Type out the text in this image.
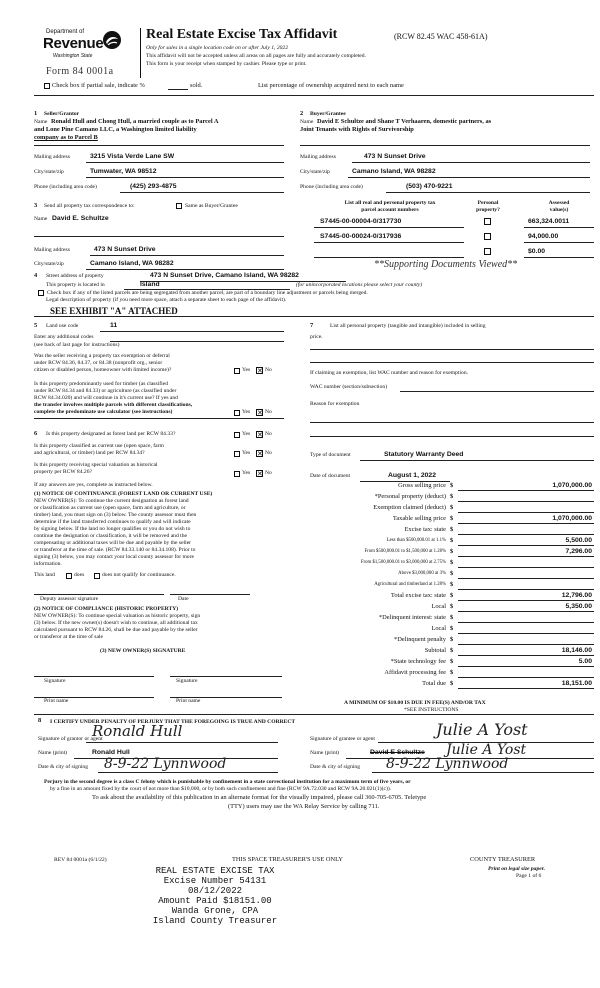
Department of
Revenue
Washington State
Form 84 0001a
Real Estate Excise Tax Affidavit	(RCW 82.45 WAC 458-61A)
Only for sales in a single location code on or after July 1, 2022
This affidavit will not be accepted unless all areas on all pages are fully and accurately completed.
This form is your receipt when stamped by cashier. Please type or print.
Check box if partial sale, indicate %	sold.	List percentage of ownership acquired next to each name
1 Seller/Grantor
Name Ronald Hull and Chong Hull, a married couple as to Parcel A
and Lone Pine Camano LLC, a Washington limited liability
company as to Parcel B
Mailing address	3215 Vista Verde Lane SW
City/state/zip	Tumwater, WA 98512
Phone (including area code)	(425) 293-4875
2 Buyer/Grantee
Name David E Schultze and Shane T Verhaaren, domestic partners, as
Joint Tenants with Rights of Survivorship
Mailing address	473 N Sunset Drive
City/state/zip	Camano Island, WA 98282
Phone (including area code)	(503) 470-9221
3 Send all property tax correspondence to:	Same as Buyer/Grantee
Name David E. Schultze
Mailing address	473 N Sunset Drive
City/state/zip	Camano Island, WA 98282
List all real and personal property tax
parcel account numbers
Personal
property?
Assessed
value(s)
S7445-00-00004-0/317730	663,324.0011
S7445-00-00024-0/317936	94,000.00
$0.00
**Supporting Documents Viewed**
4 Street address of property	473 N Sunset Drive, Camano Island, WA 98282
This property is located in	Island	(for unincorporated locations please select your county)
Check box if any of the listed parcels are being segregated from another parcel, are part of a boundary line adjustment or parcels being merged.
Legal description of property (if you need more space, attach a separate sheet to each page of the affidavit).
SEE EXHIBIT "A" ATTACHED
5 Land use code	11
Enter any additional codes
(see back of last page for instructions)
Was the seller receiving a property tax exemption or deferral
under RCW 84.36, 84.37, or 84.38 (nonprofit org., senior
citizen or disabled person, homeowner with limited income)?	Yes ✕ No
Is this property predominantly used for timber (as classified
under RCW 84.34 and 84.33) or agriculture (as classified under
RCW 84.34.020) and will continue in it's current use? If yes and
the transfer involves multiple parcels with different classifications,
complete the predominate use calculator (see instructions)	Yes ✕ No
6 Is this property designated as forest land per RCW 84.33?	Yes ✕ No
Is this property classified as current use (open space, farm
and agricultural, or timber) land per RCW 84.34?	Yes ✕ No
Is this property receiving special valuation as historical
property per RCW 84.26?	Yes ✕ No
If any answers are yes, complete as instructed below.
(1) NOTICE OF CONTINUANCE (FOREST LAND OR CURRENT USE)
NEW OWNER(S): To continue the current designation as forest land
or classification as current use (open space, farm and agriculture, or
timber) land, you must sign on (3) below. The county assessor must then
determine if the land transferred continues to qualify and will indicate
by signing below. If the land no longer qualifies or you do not wish to
continue the designation or classification, it will be removed and the
compensating or additional taxes will be due and payable by the seller
or transferor at the time of sale. (RCW 84.33.140 or 84.34.108). Prior to
signing (3) below, you may contact your local county assessor for more
information.
This land	does	does not qualify for continuance.
Deputy assessor signature	Date
(2) NOTICE OF COMPLIANCE (HISTORIC PROPERTY)
NEW OWNER(S): To continue special valuation as historic property, sign
(3) below. If the new owner(s) doesn't wish to continue, all additional tax
calculated pursuant to RCW 84.26, shall be due and payable by the seller
or transferor at the time of sale
(3) NEW OWNER(S) SIGNATURE
Signature	Signature
Print name	Print name
7	List all personal property (tangible and intangible) included in selling
price.
If claiming an exemption, list WAC number and reason for exemption.
WAC number (section/subsection)
Reason for exemption
Type of document	Statutory Warranty Deed
Date of document	August 1, 2022
Gross selling price $	1,070,000.00
*Personal property (deduct) $
Exemption claimed (deduct) $
Taxable selling price $	1,070,000.00
Excise tax: state $
Less than $500,000.01 at 1.1% $	5,500.00
From $500,000.01 to $1,500,000 at 1.28% $	7,296.00
From $1,500,000.01 to $3,000,000 at 2.75% $
Above $3,000,000 at 3% $
Agricultural and timberland at 1.28% $
Total excise tax: state $	12,796.00
Local $	5,350.00
*Delinquent interest: state $
Local $
*Delinquent penalty $
Subtotal $	18,146.00
*State technology fee $	5.00
Affidavit processing fee $
Total due $	18,151.00
A MINIMUM OF $10.00 IS DUE IN FEE(S) AND/OR TAX
*SEE INSTRUCTIONS
8 I CERTIFY UNDER PENALTY OF PERJURY THAT THE FOREGOING IS TRUE AND CORRECT
Signature of grantor or agent
Ronald Hull
Name (print)	Ronald Hull
Date & city of signing 8-9-22 Lynnwood
Signature of grantee or agent	Julie A Yost
Name (print)	David E Schultze Julie A Yost
Date & city of signing 8-9-22 Lynnwood
Perjury in the second degree is a class C felony which is punishable by confinement in a state correctional institution for a maximum term of five years, or
by a fine in an amount fixed by the court of not more than $10,000, or by both such confinement and fine (RCW 9A.72.030 and RCW 9A.20.021(1)(c)).
To ask about the availability of this publication in an alternate format for the visually impaired, please call 360-705-6705. Teletype
(TTY) users may use the WA Relay Service by calling 711.
REV 84 0001a (6/1/22)	THIS SPACE TREASURER'S USE ONLY	COUNTY TREASURER
Print on legal size paper.
Page 1 of 6
REAL ESTATE EXCISE TAX
Excise Number 54131
08/12/2022
Amount Paid $18151.00
Wanda Grone, CPA
Island County Treasurer
